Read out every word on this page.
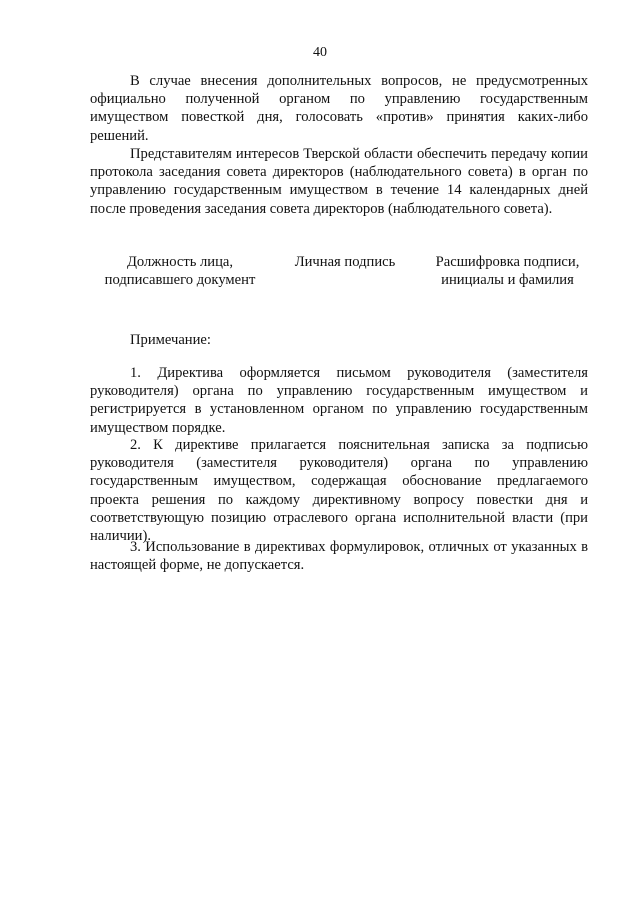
40

В случае внесения дополнительных вопросов, не предусмотренных официально полученной органом по управлению государственным имуществом повесткой дня, голосовать «против» принятия каких-либо решений.

Представителям интересов Тверской области обеспечить передачу копии протокола заседания совета директоров (наблюдательного совета) в орган по управлению государственным имуществом в течение 14 календарных дней после проведения заседания совета директоров (наблюдательного совета).

Должность лица,
подписавшего документ
Личная подпись	Расшифровка подписи,
инициалы и фамилия
Примечание:

1. Директива оформляется письмом руководителя (заместителя руководителя) органа по управлению государственным имуществом и регистрируется в установленном органом по управлению государственным имуществом порядке.

2. К директиве прилагается пояснительная записка за подписью руководителя (заместителя руководителя) органа по управлению государственным имуществом, содержащая обоснование предлагаемого проекта решения по каждому директивному вопросу повестки дня и соответствующую позицию отраслевого органа исполнительной власти (при наличии).

3. Использование в директивах формулировок, отличных от указанных в настоящей форме, не допускается.
